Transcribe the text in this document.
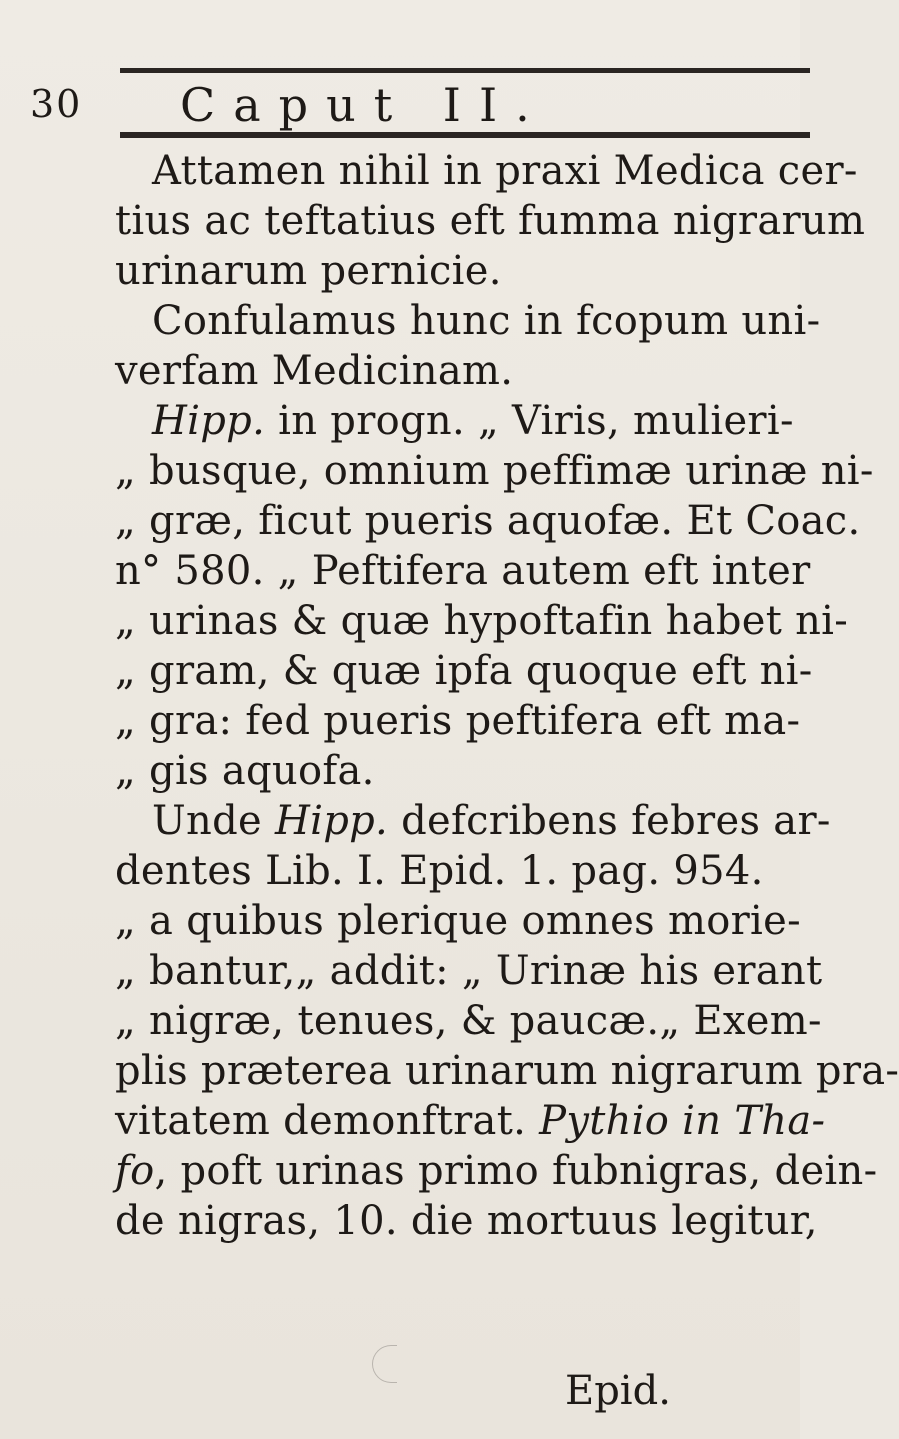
30 Caput II.
Attamen nihil in praxi Medica cer-
tius ac teftatius eft fumma nigrarum
urinarum pernicie.
Confulamus hunc in fcopum uni-
verfam Medicinam.
Hipp. in progn. „ Viris, mulieri-
„ busque, omnium peffimæ urinæ ni-
„ græ, ficut pueris aquofæ. Et Coac.
n° 580. „ Peftifera autem eft inter
„ urinas & quæ hypoftafin habet ni-
„ gram, & quæ ipfa quoque eft ni-
„ gra: fed pueris peftifera eft ma-
„ gis aquofa.
Unde Hipp. defcribens febres ar-
dentes Lib. I. Epid. 1. pag. 954.
„ a quibus plerique omnes morie-
„ bantur,„ addit: „ Urinæ his erant
„ nigræ, tenues, & paucæ.„ Exem-
plis præterea urinarum nigrarum pra-
vitatem demonftrat. Pythio in Tha-
fo, poft urinas primo fubnigras, dein-
de nigras, 10. die mortuus legitur,
Epid.
